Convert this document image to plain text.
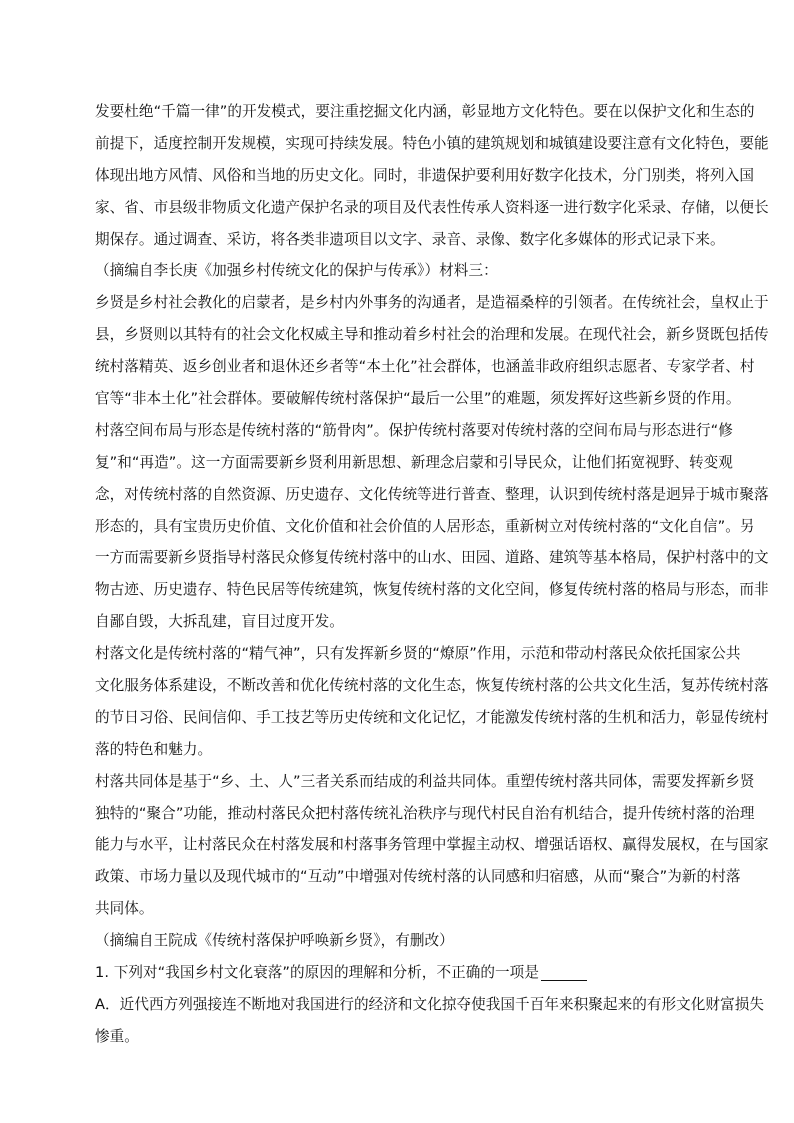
发要杜绝“千篇一律”的开发模式，要注重挖掘文化内涵，彰显地方文化特色。要在以保护文化和生态的
前提下，适度控制开发规模，实现可持续发展。特色小镇的建筑规划和城镇建设要注意有文化特色，要能
体现出地方风情、风俗和当地的历史文化。同时，非遗保护要利用好数字化技术，分门别类，将列入国
家、省、市县级非物质文化遗产保护名录的项目及代表性传承人资料逐一进行数字化采录、存储，以便长
期保存。通过调查、采访，将各类非遗项目以文字、录音、录像、数字化多媒体的形式记录下来。
（摘编自李长庚《加强乡村传统文化的保护与传承》）材料三：
乡贤是乡村社会教化的启蒙者，是乡村内外事务的沟通者，是造福桑梓的引领者。在传统社会，皇权止于
县，乡贤则以其特有的社会文化权威主导和推动着乡村社会的治理和发展。在现代社会，新乡贤既包括传
统村落精英、返乡创业者和退休还乡者等“本土化”社会群体，也涵盖非政府组织志愿者、专家学者、村
官等“非本土化”社会群体。要破解传统村落保护“最后一公里”的难题，须发挥好这些新乡贤的作用。
村落空间布局与形态是传统村落的“筋骨肉”。保护传统村落要对传统村落的空间布局与形态进行“修
复”和“再造”。这一方面需要新乡贤利用新思想、新理念启蒙和引导民众，让他们拓宽视野、转变观
念，对传统村落的自然资源、历史遗存、文化传统等进行普查、整理，认识到传统村落是迥异于城市聚落
形态的，具有宝贵历史价值、文化价值和社会价值的人居形态，重新树立对传统村落的“文化自信”。另
一方而需要新乡贤指导村落民众修复传统村落中的山水、田园、道路、建筑等基本格局，保护村落中的文
物古迹、历史遗存、特色民居等传统建筑，恢复传统村落的文化空间，修复传统村落的格局与形态，而非
自鄙自毁，大拆乱建，盲目过度开发。
村落文化是传统村落的“精气神”，只有发挥新乡贤的“燎原”作用，示范和带动村落民众依托国家公共
文化服务体系建设，不断改善和优化传统村落的文化生态，恢复传统村落的公共文化生活，复苏传统村落
的节日习俗、民间信仰、手工技艺等历史传统和文化记忆，才能激发传统村落的生机和活力，彰显传统村
落的特色和魅力。
村落共同体是基于“乡、土、人”三者关系而结成的利益共同体。重塑传统村落共同体，需要发挥新乡贤
独特的“聚合”功能，推动村落民众把村落传统礼治秩序与现代村民自治有机结合，提升传统村落的治理
能力与水平，让村落民众在村落发展和村落事务管理中掌握主动权、增强话语权、赢得发展权，在与国家
政策、市场力量以及现代城市的“互动”中增强对传统村落的认同感和归宿感，从而“聚合”为新的村落
共同体。
（摘编自王院成《传统村落保护呼唤新乡贤》，有删改）
1. 下列对“我国乡村文化衰落”的原因的理解和分析，不正确的一项是
A．近代西方列强接连不断地对我国进行的经济和文化掠夺使我国千百年来积聚起来的有形文化财富损失
惨重。
